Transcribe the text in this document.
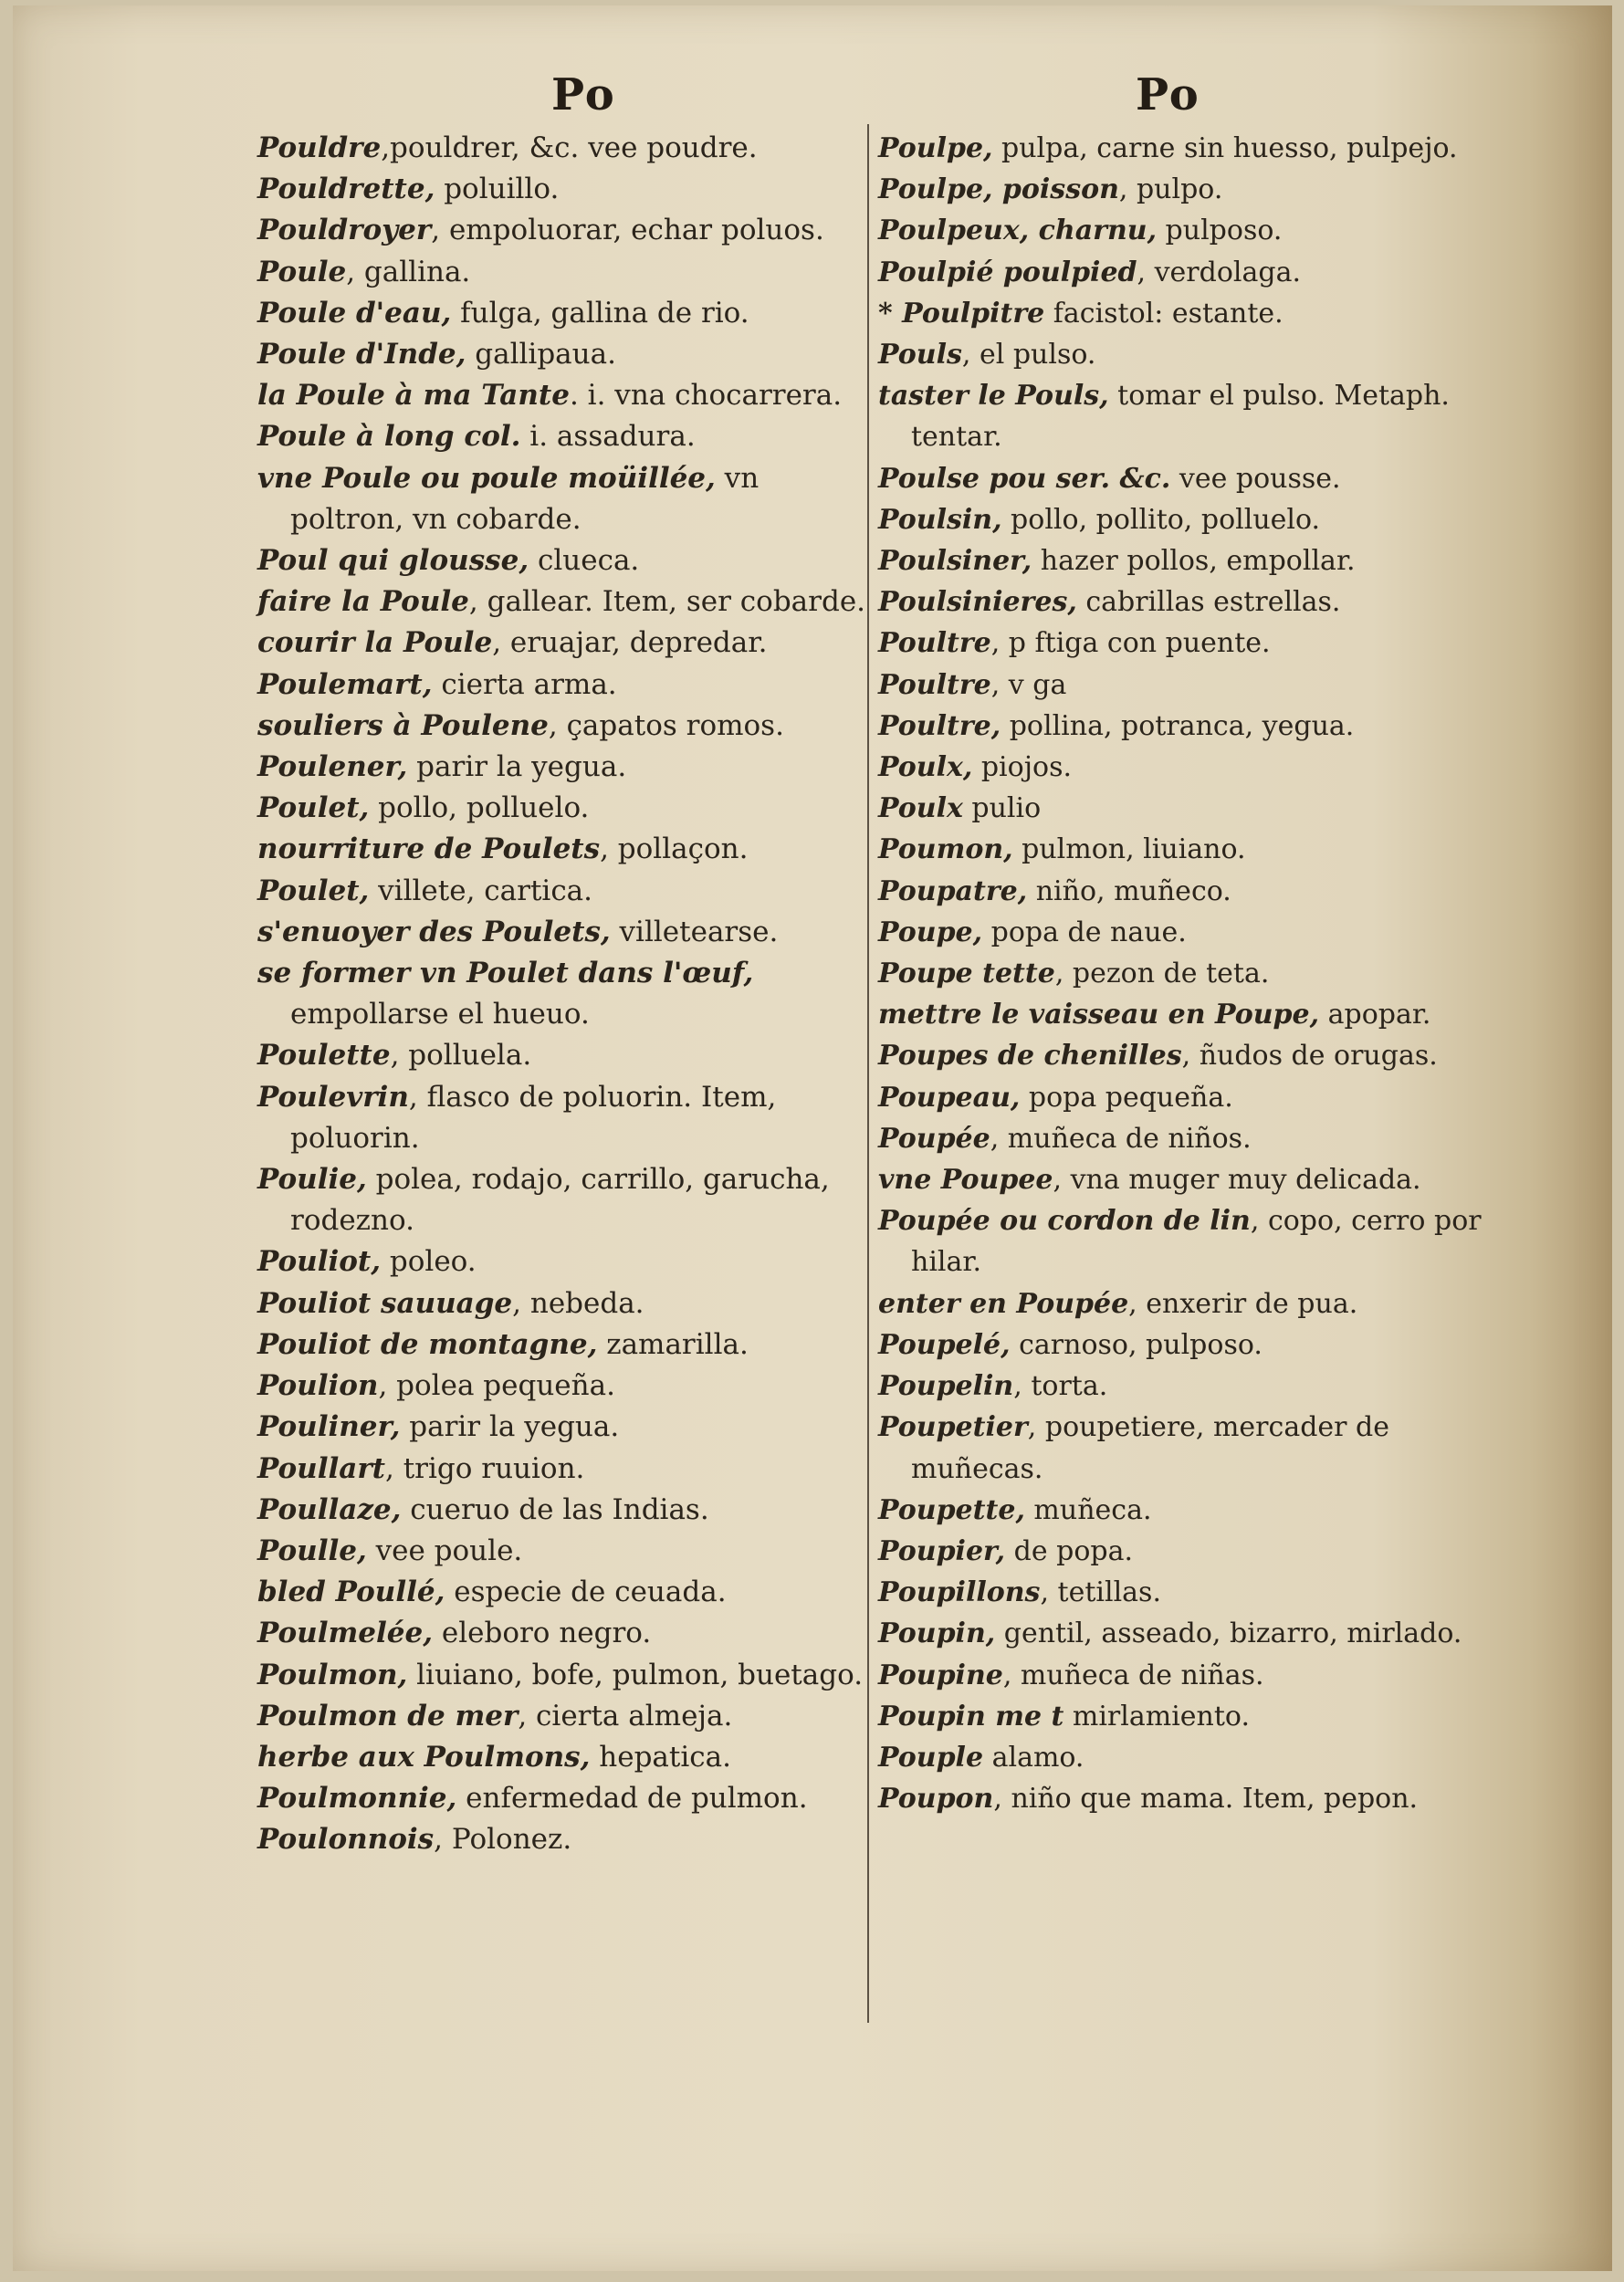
Po	Po
Pouldre,pouldrer, &c. vee poudre.
Pouldrette, poluillo.
Pouldroyer, empoluorar, echar poluos.
Poule, gallina.
Poule d'eau, fulga, gallina de rio.
Poule d'Inde, gallipaua.
la Poule à ma Tante. i. vna chocarrera.
Poule à long col. i. assadura.
vne Poule ou poule moüillée, vn poltron, vn cobarde.
Poul qui glousse, clueca.
faire la Poule, gallear. Item, ser cobarde.
courir la Poule, eruajar, depredar.
Poulemart, cierta arma.
souliers à Poulene, çapatos romos.
Poulener, parir la yegua.
Poulet, pollo, polluelo.
nourriture de Poulets, pollaçon.
Poulet, villete, cartica.
s'enuoyer des Poulets, villetearse.
se former vn Poulet dans l'œuf, empollarse el hueuo.
Poulette, polluela.
Poulevrin, flasco de poluorin. Item, poluorin.
Poulie, polea, rodajo, carrillo, garucha, rodezno.
Pouliot, poleo.
Pouliot sauuage, nebeda.
Pouliot de montagne, zamarilla.
Poulion, polea pequeña.
Pouliner, parir la yegua.
Poullart, trigo ruuion.
Poullaze, cueruo de las Indias.
Poulle, vee poule.
bled Poullé, especie de ceuada.
Poulmelée, eleboro negro.
Poulmon, liuiano, bofe, pulmon, buetago.
Poulmon de mer, cierta almeja.
herbe aux Poulmons, hepatica.
Poulmonnie, enfermedad de pulmon.
Poulonnois, Polonez.
Poulpe, pulpa, carne sin huesso, pulpejo.
Poulpe, poisson, pulpo.
Poulpeux, charnu, pulposo.
Poulpié poulpied, verdolaga.
* Poulpitre facistol: estante.
Pouls, el pulso.
taster le Pouls, tomar el pulso. Metaph. tentar.
Poulse pou ser. &c. vee pousse.
Poulsin, pollo, pollito, polluelo.
Poulsiner, hazer pollos, empollar.
Poulsinieres, cabrillas estrellas.
Poultre, p ftiga con puente.
Poultre, v ga
Poultre, pollina, potranca, yegua.
Poulx, piojos.
Poulx pulio
Poumon, pulmon, liuiano.
Poupatre, niño, muñeco.
Poupe, popa de naue.
Poupe tette, pezon de teta.
mettre le vaisseau en Poupe, apopar.
Poupes de chenilles, ñudos de orugas.
Poupeau, popa pequeña.
Poupée, muñeca de niños.
vne Poupee, vna muger muy delicada.
Poupée ou cordon de lin, copo, cerro por hilar.
enter en Poupée, enxerir de pua.
Poupelé, carnoso, pulposo.
Poupelin, torta.
Poupetier, poupetiere, mercader de muñecas.
Poupette, muñeca.
Poupier, de popa.
Poupillons, tetillas.
Poupin, gentil, asseado, bizarro, mirlado.
Poupine, muñeca de niñas.
Poupin me t mirlamiento.
Pouple alamo.
Poupon, niño que mama. Item, pepon.
